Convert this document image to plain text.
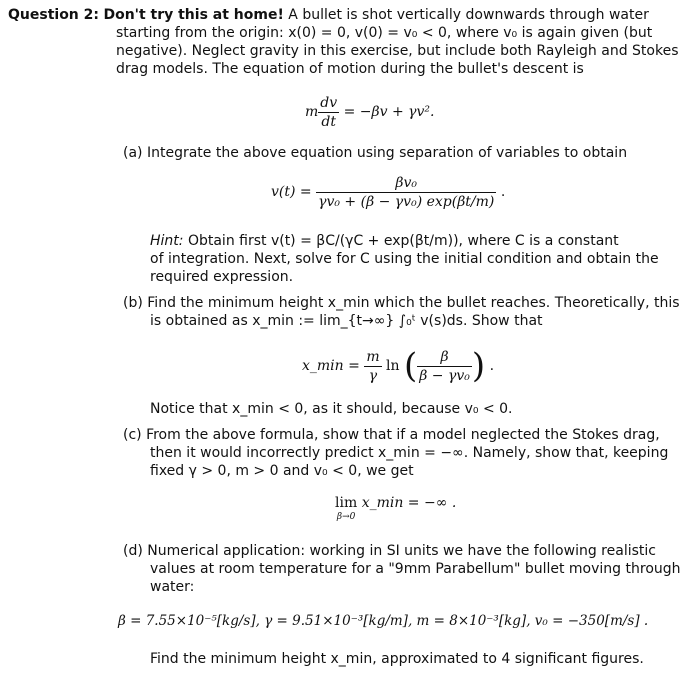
Question 2: Don't try this at home! A bullet is shot vertically downwards through water
starting from the origin: x(0) = 0, v(0) = v₀ < 0, where v₀ is again given (but
negative). Neglect gravity in this exercise, but include both Rayleigh and Stokes
drag models. The equation of motion during the bullet's descent is
m $\frac{dv}{dt} = -\beta v + \gamma v^2$.
(a) Integrate the above equation using separation of variables to obtain
$v(t) = \frac{\text{βv₀}}{\text{γv₀ + (β − γv₀) exp(βt/m)}}$ .
Hint: Obtain first v(t) = βC/(γC + exp(βt/m)), where C is a constant
of integration. Next, solve for C using the initial condition and obtain the
required expression.
(b) Find the minimum height x_min which the bullet reaches. Theoretically, this
is obtained as x_min := lim_{t→∞} ∫₀ᵗ v(s)ds. Show that
x_min = $\frac{m}{\gamma}$ ln ( $\frac{\beta}{\text{β − γv₀}}$ ) .
Notice that x_min < 0, as it should, because v₀ < 0.
(c) From the above formula, show that if a model neglected the Stokes drag,
then it would incorrectly predict x_min = −∞. Namely, show that, keeping
fixed γ > 0, m > 0 and v₀ < 0, we get
lim
β→0
x_min = −∞ .
(d) Numerical application: working in SI units we have the following realistic
values at room temperature for a "9mm Parabellum" bullet moving through
water:
β = 7.55×10⁻⁵[kg/s], γ = 9.51×10⁻³[kg/m], m = 8×10⁻³[kg], v₀ = −350[m/s] .
Find the minimum height x_min, approximated to 4 significant figures.
